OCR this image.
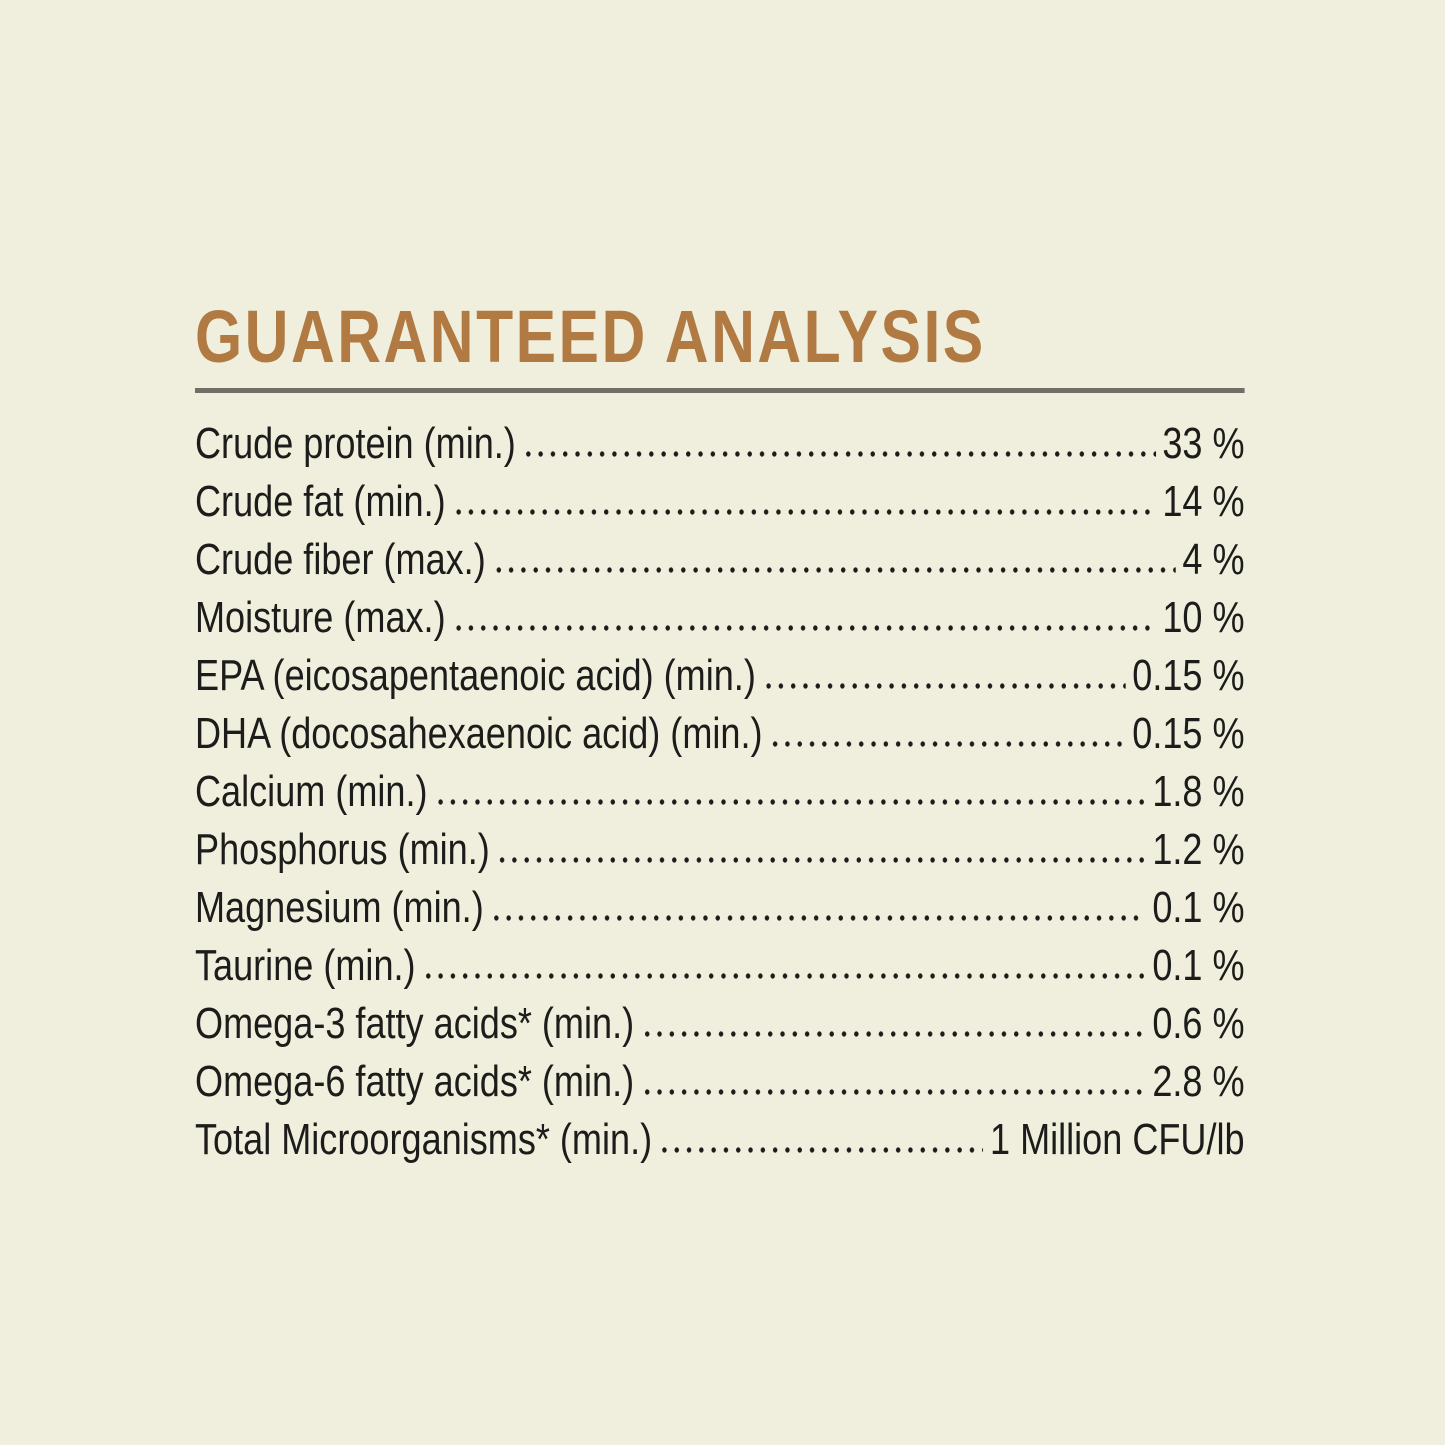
GUARANTEED ANALYSIS
Crude protein (min.)	33 %
Crude fat (min.)	14 %
Crude fiber (max.)	4 %
Moisture (max.)	10 %
EPA (eicosapentaenoic acid) (min.)	0.15 %
DHA (docosahexaenoic acid) (min.)	0.15 %
Calcium (min.)	1.8 %
Phosphorus (min.)	1.2 %
Magnesium (min.)	0.1 %
Taurine (min.)	0.1 %
Omega-3 fatty acids* (min.)	0.6 %
Omega-6 fatty acids* (min.)	2.8 %
Total Microorganisms* (min.)	1 Million CFU/lb
